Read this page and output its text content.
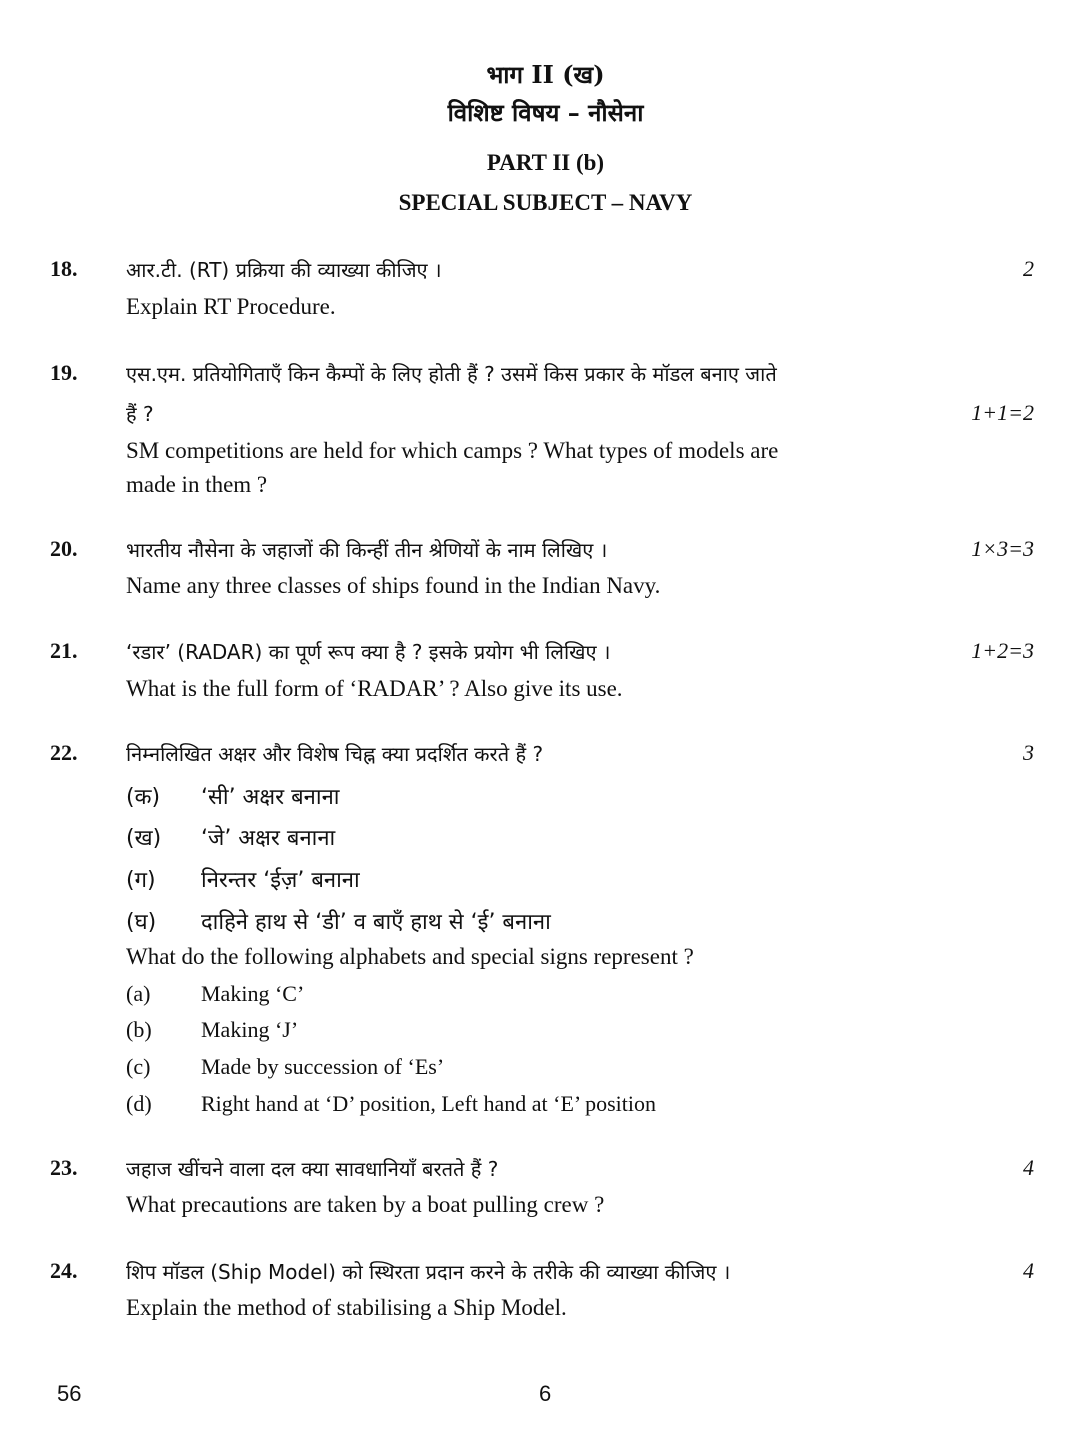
भाग II (ख)
विशिष्ट विषय – नौसेना
PART II (b)
SPECIAL SUBJECT – NAVY
18. आर.टी. (RT) प्रक्रिया की व्याख्या कीजिए ।	2
Explain RT Procedure.
19. एस.एम. प्रतियोगिताएँ किन कैम्पों के लिए होती हैं ? उसमें किस प्रकार के मॉडल बनाए जाते
हैं ?	1+1=2
SM competitions are held for which camps ? What types of models are
made in them ?
20. भारतीय नौसेना के जहाजों की किन्हीं तीन श्रेणियों के नाम लिखिए ।	1×3=3
Name any three classes of ships found in the Indian Navy.
21. ‘रडार’ (RADAR) का पूर्ण रूप क्या है ? इसके प्रयोग भी लिखिए ।	1+2=3
What is the full form of ‘RADAR’ ? Also give its use.
22. निम्नलिखित अक्षर और विशेष चिह्न क्या प्रदर्शित करते हैं ?	3
(क) ‘सी’ अक्षर बनाना
(ख) ‘जे’ अक्षर बनाना
(ग) निरन्तर ‘ईज़’ बनाना
(घ) दाहिने हाथ से ‘डी’ व बाएँ हाथ से ‘ई’ बनाना
What do the following alphabets and special signs represent ?
(a) Making ‘C’
(b) Making ‘J’
(c) Made by succession of ‘Es’
(d) Right hand at ‘D’ position, Left hand at ‘E’ position
23. जहाज खींचने वाला दल क्या सावधानियाँ बरतते हैं ?	4
What precautions are taken by a boat pulling crew ?
24. शिप मॉडल (Ship Model) को स्थिरता प्रदान करने के तरीके की व्याख्या कीजिए ।	4
Explain the method of stabilising a Ship Model.
56	6
